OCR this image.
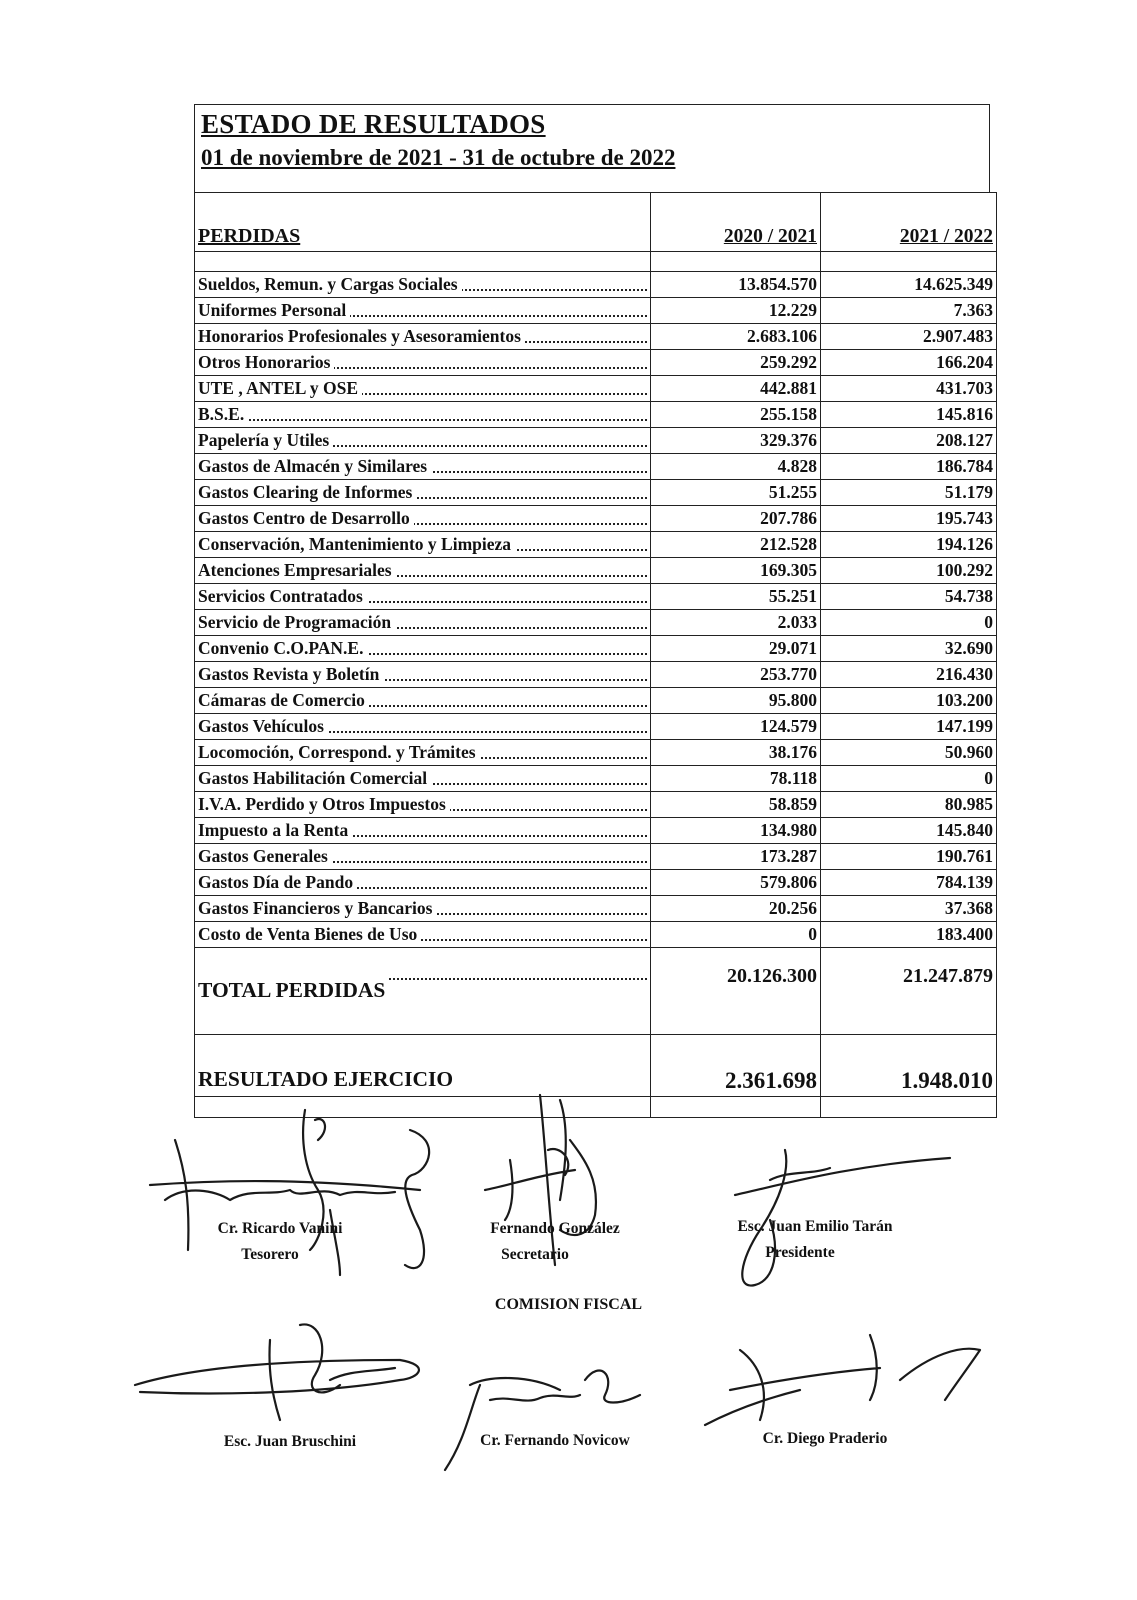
ESTADO DE RESULTADOS
01 de noviembre de 2021 - 31 de octubre de 2022
PERDIDAS	2020 / 2021	2021 / 2022

Sueldos, Remun. y Cargas Sociales	13.854.570	14.625.349

Uniformes Personal	12.229	7.363

Honorarios Profesionales y Asesoramientos	2.683.106	2.907.483

Otros Honorarios	259.292	166.204

UTE , ANTEL y OSE	442.881	431.703

B.S.E.	255.158	145.816

Papelería y Utiles	329.376	208.127

Gastos de Almacén y Similares	4.828	186.784

Gastos Clearing de Informes	51.255	51.179

Gastos Centro de Desarrollo	207.786	195.743

Conservación, Mantenimiento y Limpieza	212.528	194.126

Atenciones Empresariales	169.305	100.292

Servicios Contratados	55.251	54.738

Servicio de Programación	2.033	0

Convenio C.O.PAN.E.	29.071	32.690

Gastos Revista y Boletín	253.770	216.430

Cámaras de Comercio	95.800	103.200

Gastos Vehículos	124.579	147.199

Locomoción, Correspond. y Trámites	38.176	50.960

Gastos Habilitación Comercial	78.118	0

I.V.A. Perdido y Otros Impuestos	58.859	80.985

Impuesto a la Renta	134.980	145.840

Gastos Generales	173.287	190.761

Gastos Día de Pando	579.806	784.139

Gastos Financieros y Bancarios	20.256	37.368

Costo de Venta Bienes de Uso	0	183.400

TOTAL PERDIDAS	20.126.300	21.247.879
RESULTADO EJERCICIO	2.361.698	1.948.010

Cr. Ricardo Vanini
Tesorero
Fernando González
Secretario
Esc. Juan Emilio Tarán
Presidente
COMISION FISCAL
Esc. Juan Bruschini	Cr. Fernando Novicow	Cr. Diego Praderio
